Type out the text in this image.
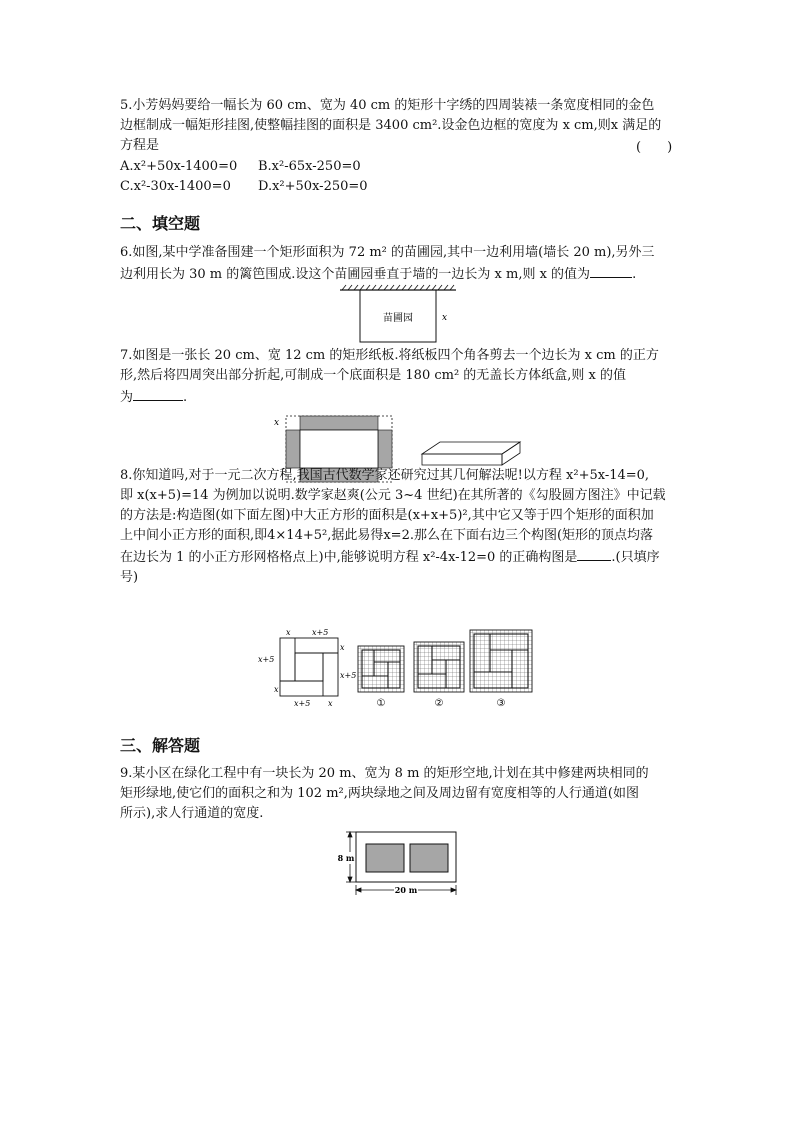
5.小芳妈妈要给一幅长为 60 cm、宽为 40 cm 的矩形十字绣的四周装裱一条宽度相同的金色
边框制成一幅矩形挂图,使整幅挂图的面积是 3400 cm².设金色边框的宽度为 x cm,则x 满足的
方程是	(　　)
A.x²+50x-1400=0 B.x²-65x-250=0
C.x²-30x-1400=0 D.x²+50x-250=0
二、填空题
6.如图,某中学准备围建一个矩形面积为 72 m² 的苗圃园,其中一边利用墙(墙长 20 m),另外三
边利用长为 30 m 的篱笆围成.设这个苗圃园垂直于墙的一边长为 x m,则 x 的值为	.
苗圃园	x
7.如图是一张长 20 cm、宽 12 cm 的矩形纸板.将纸板四个角各剪去一个边长为 x cm 的正方
形,然后将四周突出部分折起,可制成一个底面积是 180 cm² 的无盖长方体纸盒,则 x 的值
为	.
x
8.你知道吗,对于一元二次方程,我国古代数学家还研究过其几何解法呢!以方程 x²+5x-14=0,
即 x(x+5)=14 为例加以说明.数学家赵爽(公元 3~4 世纪)在其所著的《勾股圆方图注》中记载
的方法是:构造图(如下面左图)中大正方形的面积是(x+x+5)²,其中它又等于四个矩形的面积加
上中间小正方形的面积,即4×14+5²,据此易得x=2.那么在下面右边三个构图(矩形的顶点均落
在边长为 1 的小正方形网格格点上)中,能够说明方程 x²-4x-12=0 的正确构图是	.(只填序
号)
x	x+5
x+5
x
x
x+5
x+5 x	①	②	③
三、解答题
9.某小区在绿化工程中有一块长为 20 m、宽为 8 m 的矩形空地,计划在其中修建两块相同的
矩形绿地,使它们的面积之和为 102 m²,两块绿地之间及周边留有宽度相等的人行通道(如图
所示),求人行通道的宽度.
8 m
20 m
